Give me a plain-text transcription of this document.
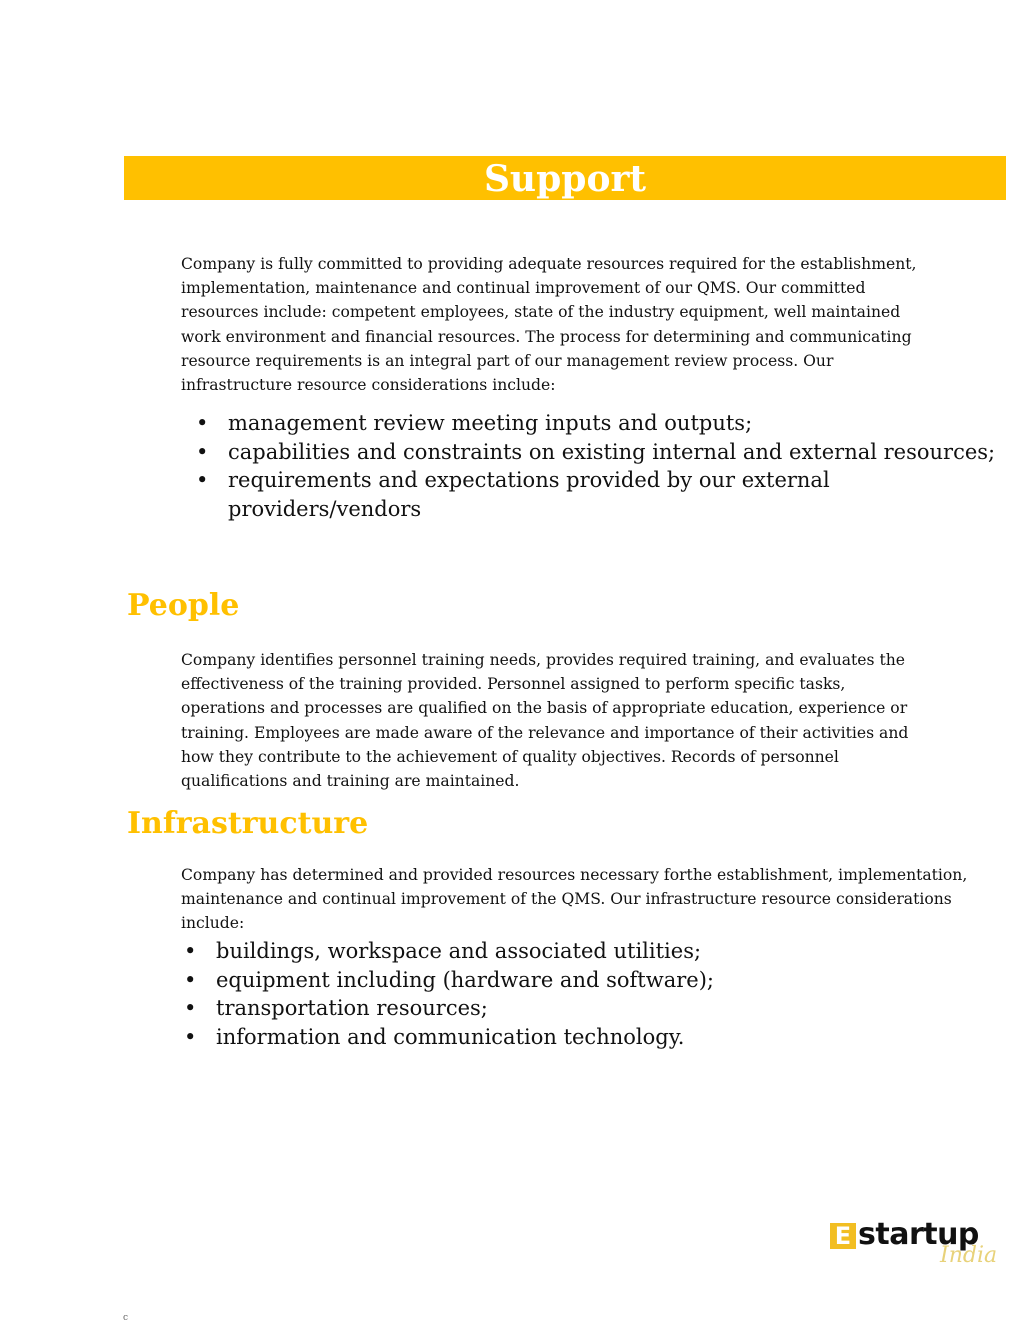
Support

Company is fully committed to providing adequate resources required for the establishment, implementation, maintenance and continual improvement of our QMS. Our committed resources include: competent employees, state of the industry equipment, well maintained work environment and financial resources. The process for determining and communicating resource requirements is an integral part of our management review process. Our infrastructure resource considerations include:

• management review meeting inputs and outputs;
• capabilities and constraints on existing internal and external resources;
• requirements and expectations provided by our external providers/vendors
People

Company identifies personnel training needs, provides required training, and evaluates the effectiveness of the training provided. Personnel assigned to perform specific tasks, operations and processes are qualified on the basis of appropriate education, experience or training. Employees are made aware of the relevance and importance of their activities and how they contribute to the achievement of quality objectives. Records of personnel qualifications and training are maintained.

Infrastructure

Company has determined and provided resources necessary forthe establishment, implementation, maintenance and continual improvement of the QMS. Our infrastructure resource considerations include:

• buildings, workspace and associated utilities;
• equipment including (hardware and software);
• transportation resources;
• information and communication technology.
E startup
India
c
